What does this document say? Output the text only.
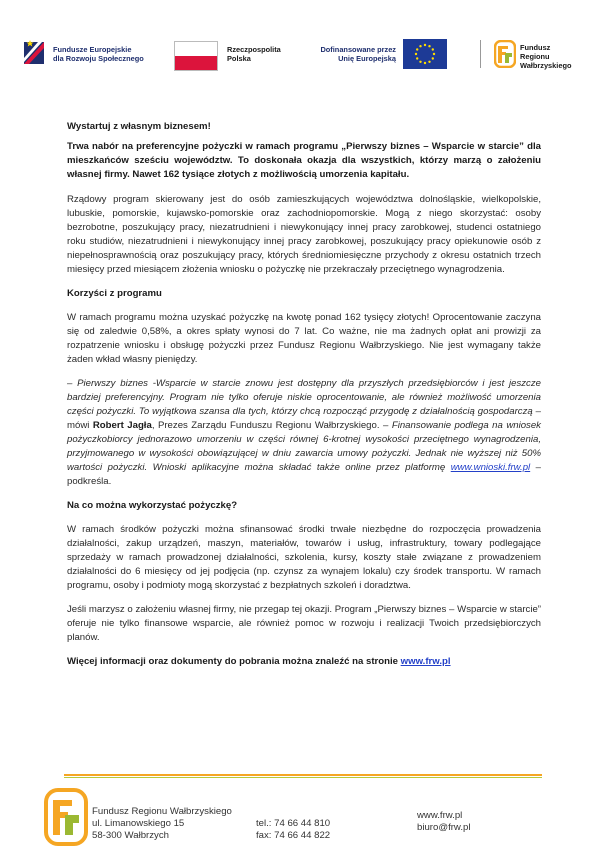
Fundusze Europejskie
dla Rozwoju Społecznego
Rzeczpospolita
Polska
Dofinansowane przez
Unię Europejską
Fundusz
Regionu
Wałbrzyskiego

Wystartuj z własnym biznesem!

Trwa nabór na preferencyjne pożyczki w ramach programu „Pierwszy biznes – Wsparcie w starcie” dla mieszkańców sześciu województw. To doskonała okazja dla wszystkich, którzy marzą o założeniu własnej firmy. Nawet 162 tysiące złotych z możliwością umorzenia kapitału.

Rządowy program skierowany jest do osób zamieszkujących województwa dolnośląskie, wielkopolskie, lubuskie, pomorskie, kujawsko-pomorskie oraz zachodniopomorskie. Mogą z niego skorzystać: osoby bezrobotne, poszukujący pracy, niezatrudnieni i niewykonujący innej pracy zarobkowej, studenci ostatniego roku studiów, niezatrudnieni i niewykonujący innej pracy zarobkowej, poszukujący pracy opiekunowie osób z niepełnosprawnością oraz poszukujący pracy, których średniomiesięczne przychody z okresu ostatnich trzech miesięcy przed miesiącem złożenia wniosku o pożyczkę nie przekraczały przeciętnego wynagrodzenia.

Korzyści z programu

W ramach programu można uzyskać pożyczkę na kwotę ponad 162 tysięcy złotych! Oprocentowanie zaczyna się od zaledwie 0,58%, a okres spłaty wynosi do 7 lat. Co ważne, nie ma żadnych opłat ani prowizji za rozpatrzenie wniosku i obsługę pożyczki przez Fundusz Regionu Wałbrzyskiego. Nie jest wymagany także żaden wkład własny pieniędzy.

– Pierwszy biznes -Wsparcie w starcie znowu jest dostępny dla przyszłych przedsiębiorców i jest jeszcze bardziej preferencyjny. Program nie tylko oferuje niskie oprocentowanie, ale również możliwość umorzenia części pożyczki. To wyjątkowa szansa dla tych, którzy chcą rozpocząć przygodę z działalnością gospodarczą – mówi Robert Jagła, Prezes Zarządu Funduszu Regionu Wałbrzyskiego. – Finansowanie podlega na wniosek pożyczkobiorcy jednorazowo umorzeniu w części równej 6-krotnej wysokości przeciętnego wynagrodzenia, przyjmowanego w wysokości obowiązującej w dniu zawarcia umowy pożyczki. Jednak nie wyższej niż 50% wartości pożyczki. Wnioski aplikacyjne można składać także online przez platformę www.wnioski.frw.pl – podkreśla.

Na co można wykorzystać pożyczkę?

W ramach środków pożyczki można sfinansować środki trwałe niezbędne do rozpoczęcia prowadzenia działalności, zakup urządzeń, maszyn, materiałów, towarów i usług, infrastruktury, towary podlegające sprzedaży w ramach prowadzonej działalności, szkolenia, kursy, koszty stałe związane z prowadzeniem działalności do 6 miesięcy od jej podjęcia (np. czynsz za wynajem lokalu) czy środek transportu. W ramach programu, osoby i podmioty mogą skorzystać z bezpłatnych szkoleń i doradztwa.

Jeśli marzysz o założeniu własnej firmy, nie przegap tej okazji. Program „Pierwszy biznes – Wsparcie w starcie” oferuje nie tylko finansowe wsparcie, ale również pomoc w rozwoju i realizacji Twoich przedsiębiorczych planów.

Więcej informacji oraz dokumenty do pobrania można znaleźć na stronie www.frw.pl

Fundusz Regionu Wałbrzyskiego
ul. Limanowskiego 15
58-300 Wałbrzych
tel.: 74 66 44 810
fax: 74 66 44 822
www.frw.pl
biuro@frw.pl
